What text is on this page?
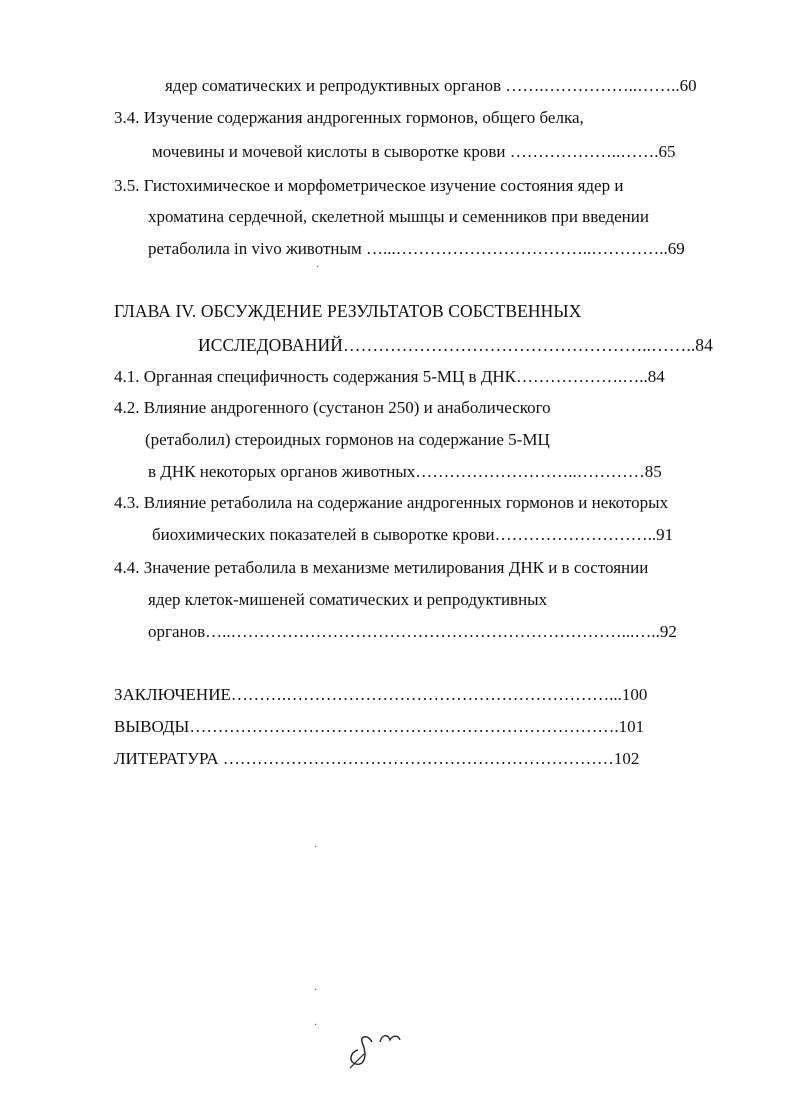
ядер соматических и репродуктивных органов …….……………..……..60
3.4. Изучение содержания андрогенных гормонов, общего белка,
мочевины и мочевой кислоты в сыворотке крови ………………..…….65
3.5. Гистохимическое и морфометрическое изучение состояния ядер и
хроматина сердечной, скелетной мышцы и семенников при введении
ретаболила in vivo животным …...……………………………..…………..69
ГЛАВА IV. ОБСУЖДЕНИЕ РЕЗУЛЬТАТОВ СОБСТВЕННЫХ
ИССЛЕДОВАНИЙ……………………………………………..……..84
4.1. Органная специфичность содержания 5-МЦ в ДНК……………….…..84
4.2. Влияние андрогенного (сустанон 250) и анаболического
(ретаболил) стероидных гормонов на содержание 5-МЦ
в ДНК некоторых органов животных………………………..…………85
4.3. Влияние ретаболила на содержание андрогенных гормонов и некоторых
биохимических показателей в сыворотке крови………………………..91
4.4. Значение ретаболила в механизме метилирования ДНК и в состоянии
ядер клеток-мишеней соматических и репродуктивных
органов…..……………………………………………………………...…..92
ЗАКЛЮЧЕНИЕ……….…………………………………………………...100
ВЫВОДЫ………………………………………………………………….101
ЛИТЕРАТУРА ……………………………………………………………102
·
·
·
·
